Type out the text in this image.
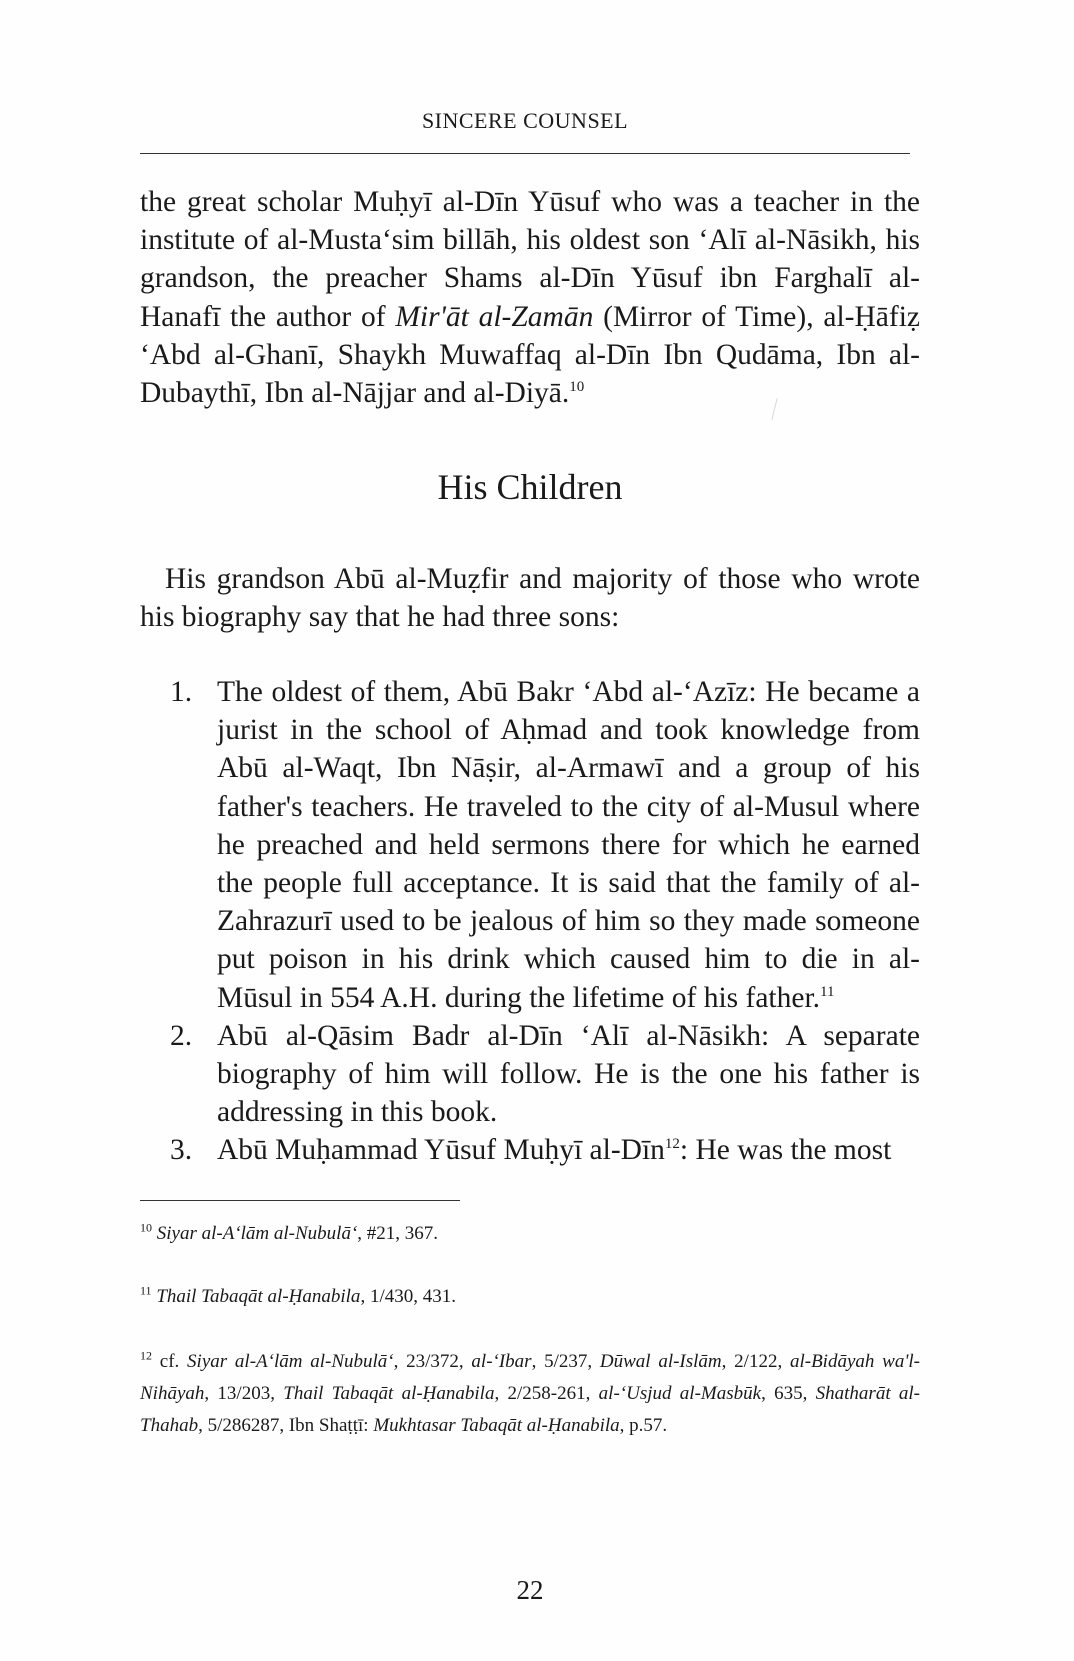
SINCERE COUNSEL

the great scholar Muḥyī al-Dīn Yūsuf who was a teacher in the institute of al-Musta‘sim billāh, his oldest son ‘Alī al-Nāsikh, his grandson, the preacher Shams al-Dīn Yūsuf ibn Farghalī al-Hanafī the author of Mir'āt al-Zamān (Mirror of Time), al-Ḥāfiẓ ‘Abd al-Ghanī, Shaykh Muwaffaq al-Dīn Ibn Qudāma, Ibn al-Dubaythī, Ibn al-Nājjar and al-Diyā.$^{10}$

His Children

His grandson Abū al-Muẓfir and majority of those who wrote his biography say that he had three sons:

1. The oldest of them, Abū Bakr ‘Abd al-‘Azīz: He became a jurist in the school of Aḥmad and took knowledge from Abū al-Waqt, Ibn Nāṣir, al-Armawī and a group of his father's teachers. He traveled to the city of al-Musul where he preached and held sermons there for which he earned the people full acceptance. It is said that the family of al-Zahrazurī used to be jealous of him so they made someone put poison in his drink which caused him to die in al-Mūsul in 554 A.H. during the lifetime of his father.$^{11}$
2. Abū al-Qāsim Badr al-Dīn ‘Alī al-Nāsikh: A separate biography of him will follow. He is the one his father is addressing in this book.
3. Abū Muḥammad Yūsuf Muḥyī al-Dīn$^{12}$: He was the most
$^{10}$ Siyar al-A‘lām al-Nubulā‘, #21, 367.
$^{11}$ Thail Tabaqāt al-Ḥanabila, 1/430, 431.
$^{12}$ cf. Siyar al-A‘lām al-Nubulā‘, 23/372, al-‘Ibar, 5/237, Dūwal al-Islām, 2/122, al-Bidāyah wa'l-Nihāyah, 13/203, Thail Tabaqāt al-Ḥanabila, 2/258-261, al-‘Usjud al-Masbūk, 635, Shatharāt al-Thahab, 5/286287, Ibn Shaṭṭī: Mukhtasar Tabaqāt al-Ḥanabila, p.57.
22
